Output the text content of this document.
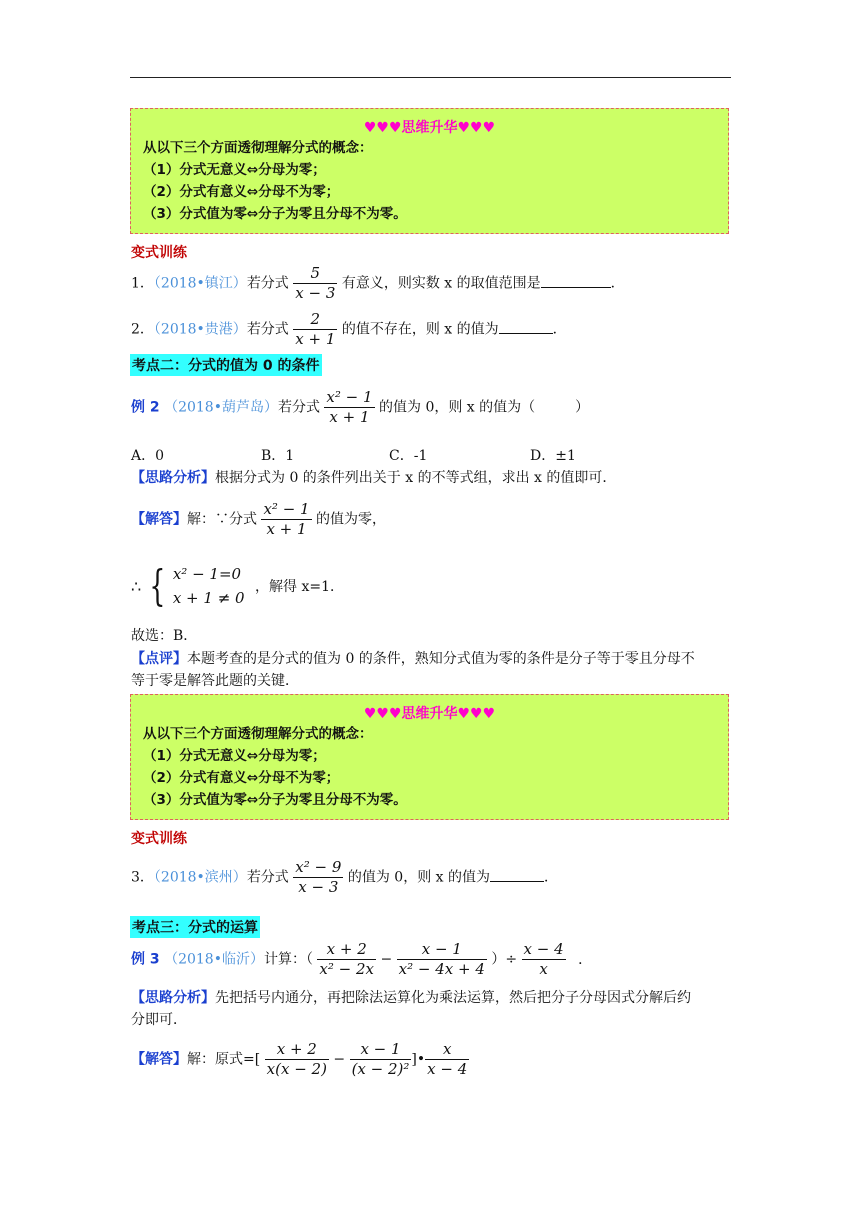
♥♥♥思维升华♥♥♥
从以下三个方面透彻理解分式的概念：
（1）分式无意义⇔分母为零；
（2）分式有意义⇔分母不为零；
（3）分式值为零⇔分子为零且分母不为零。
变式训练
1．（2018•镇江）若分式 $\frac{5}{x - 3}$ 有意义，则实数 x 的取值范围是	．
2．（2018•贵港）若分式 $\frac{2}{x + 1}$ 的值不存在，则 x 的值为	．
考点二：分式的值为 0 的条件
例 2 （2018•葫芦岛）若分式 $\frac{\text{x² − 1}}{x + 1}$ 的值为 0，则 x 的值为（	）
A．0	B．1	C．-1	D．±1
【思路分析】根据分式为 0 的条件列出关于 x 的不等式组，求出 x 的值即可．
【解答】解：∵分式 $\frac{\text{x² − 1}}{x + 1}$ 的值为零，
∴ { x² − 1=0
x + 1 ≠ 0
，解得 x=1．
故选：B．
【点评】本题考查的是分式的值为 0 的条件，熟知分式值为零的条件是分子等于零且分母不
等于零是解答此题的关键．
♥♥♥思维升华♥♥♥
从以下三个方面透彻理解分式的概念：
（1）分式无意义⇔分母为零；
（2）分式有意义⇔分母不为零；
（3）分式值为零⇔分子为零且分母不为零。
变式训练
3．（2018•滨州）若分式 $\frac{\text{x² − 9}}{x - 3}$ 的值为 0，则 x 的值为	．
考点三：分式的运算
例 3 （2018•临沂）计算：（ $\frac{x + 2}{\text{x² − 2x}} - \frac{x - 1}{\text{x² − 4x + 4}}$ ）÷ $\frac{x - 4}{x}$ ．
【思路分析】先把括号内通分，再把除法运算化为乘法运算，然后把分子分母因式分解后约
分即可．
【解答】解：原式=[ $\frac{x + 2}{x(x - 2)} - \frac{x - 1}{\text{(x − 2)²}}$ ]• $\frac{x}{x - 4}$
